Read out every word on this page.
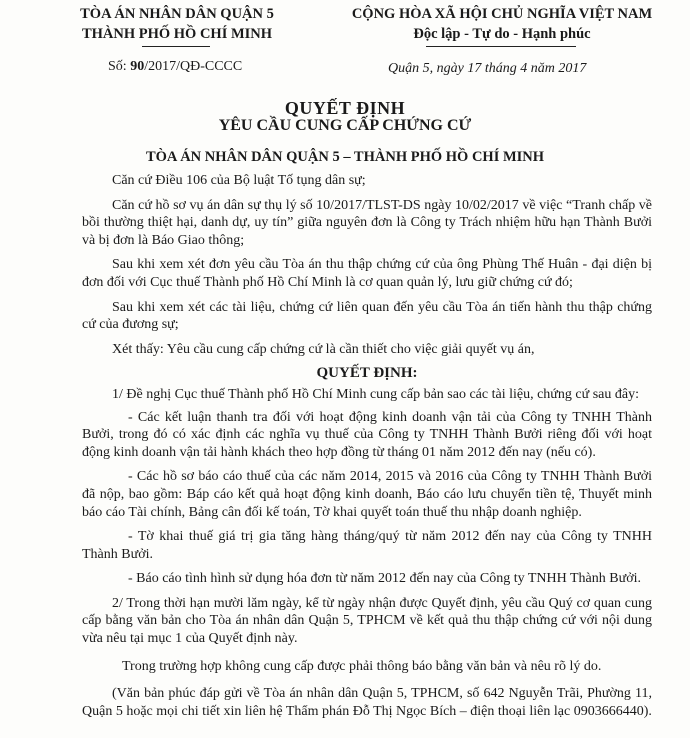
TÒA ÁN NHÂN DÂN QUẬN 5
THÀNH PHỐ HỒ CHÍ MINH
CỘNG HÒA XÃ HỘI CHỦ NGHĨA VIỆT NAM
Độc lập - Tự do - Hạnh phúc
Số: 90/2017/QĐ-CCCC	Quận 5, ngày 17 tháng 4 năm 2017
QUYẾT ĐỊNH
YÊU CẦU CUNG CẤP CHỨNG CỨ
TÒA ÁN NHÂN DÂN QUẬN 5 – THÀNH PHỐ HỒ CHÍ MINH

Căn cứ Điều 106 của Bộ luật Tố tụng dân sự;

Căn cứ hồ sơ vụ án dân sự thụ lý số 10/2017/TLST-DS ngày 10/02/2017 về việc “Tranh chấp về bồi thường thiệt hại, danh dự, uy tín” giữa nguyên đơn là Công ty Trách nhiệm hữu hạn Thành Bưởi và bị đơn là Báo Giao thông;

Sau khi xem xét đơn yêu cầu Tòa án thu thập chứng cứ của ông Phùng Thế Huân - đại diện bị đơn đối với Cục thuế Thành phố Hồ Chí Minh là cơ quan quản lý, lưu giữ chứng cứ đó;

Sau khi xem xét các tài liệu, chứng cứ liên quan đến yêu cầu Tòa án tiến hành thu thập chứng cứ của đương sự;

Xét thấy: Yêu cầu cung cấp chứng cứ là cần thiết cho việc giải quyết vụ án,

QUYẾT ĐỊNH:

1/ Đề nghị Cục thuế Thành phố Hồ Chí Minh cung cấp bản sao các tài liệu, chứng cứ sau đây:

- Các kết luận thanh tra đối với hoạt động kinh doanh vận tải của Công ty TNHH Thành Bưởi, trong đó có xác định các nghĩa vụ thuế của Công ty TNHH Thành Bưởi riêng đối với hoạt động kinh doanh vận tải hành khách theo hợp đồng từ tháng 01 năm 2012 đến nay (nếu có).

- Các hồ sơ báo cáo thuế của các năm 2014, 2015 và 2016 của Công ty TNHH Thành Bưởi đã nộp, bao gồm: Báp cáo kết quả hoạt động kinh doanh, Báo cáo lưu chuyển tiền tệ, Thuyết minh báo cáo Tài chính, Bảng cân đối kế toán, Tờ khai quyết toán thuế thu nhập doanh nghiệp.

- Tờ khai thuế giá trị gia tăng hàng tháng/quý từ năm 2012 đến nay của Công ty TNHH Thành Bưởi.

- Báo cáo tình hình sử dụng hóa đơn từ năm 2012 đến nay của Công ty TNHH Thành Bưởi.

2/ Trong thời hạn mười lăm ngày, kể từ ngày nhận được Quyết định, yêu cầu Quý cơ quan cung cấp bằng văn bản cho Tòa án nhân dân Quận 5, TPHCM về kết quả thu thập chứng cứ với nội dung vừa nêu tại mục 1 của Quyết định này.

Trong trường hợp không cung cấp được phải thông báo bằng văn bản và nêu rõ lý do.

(Văn bản phúc đáp gửi về Tòa án nhân dân Quận 5, TPHCM, số 642 Nguyễn Trãi, Phường 11, Quận 5 hoặc mọi chi tiết xin liên hệ Thẩm phán Đỗ Thị Ngọc Bích – điện thoại liên lạc 0903666440).
